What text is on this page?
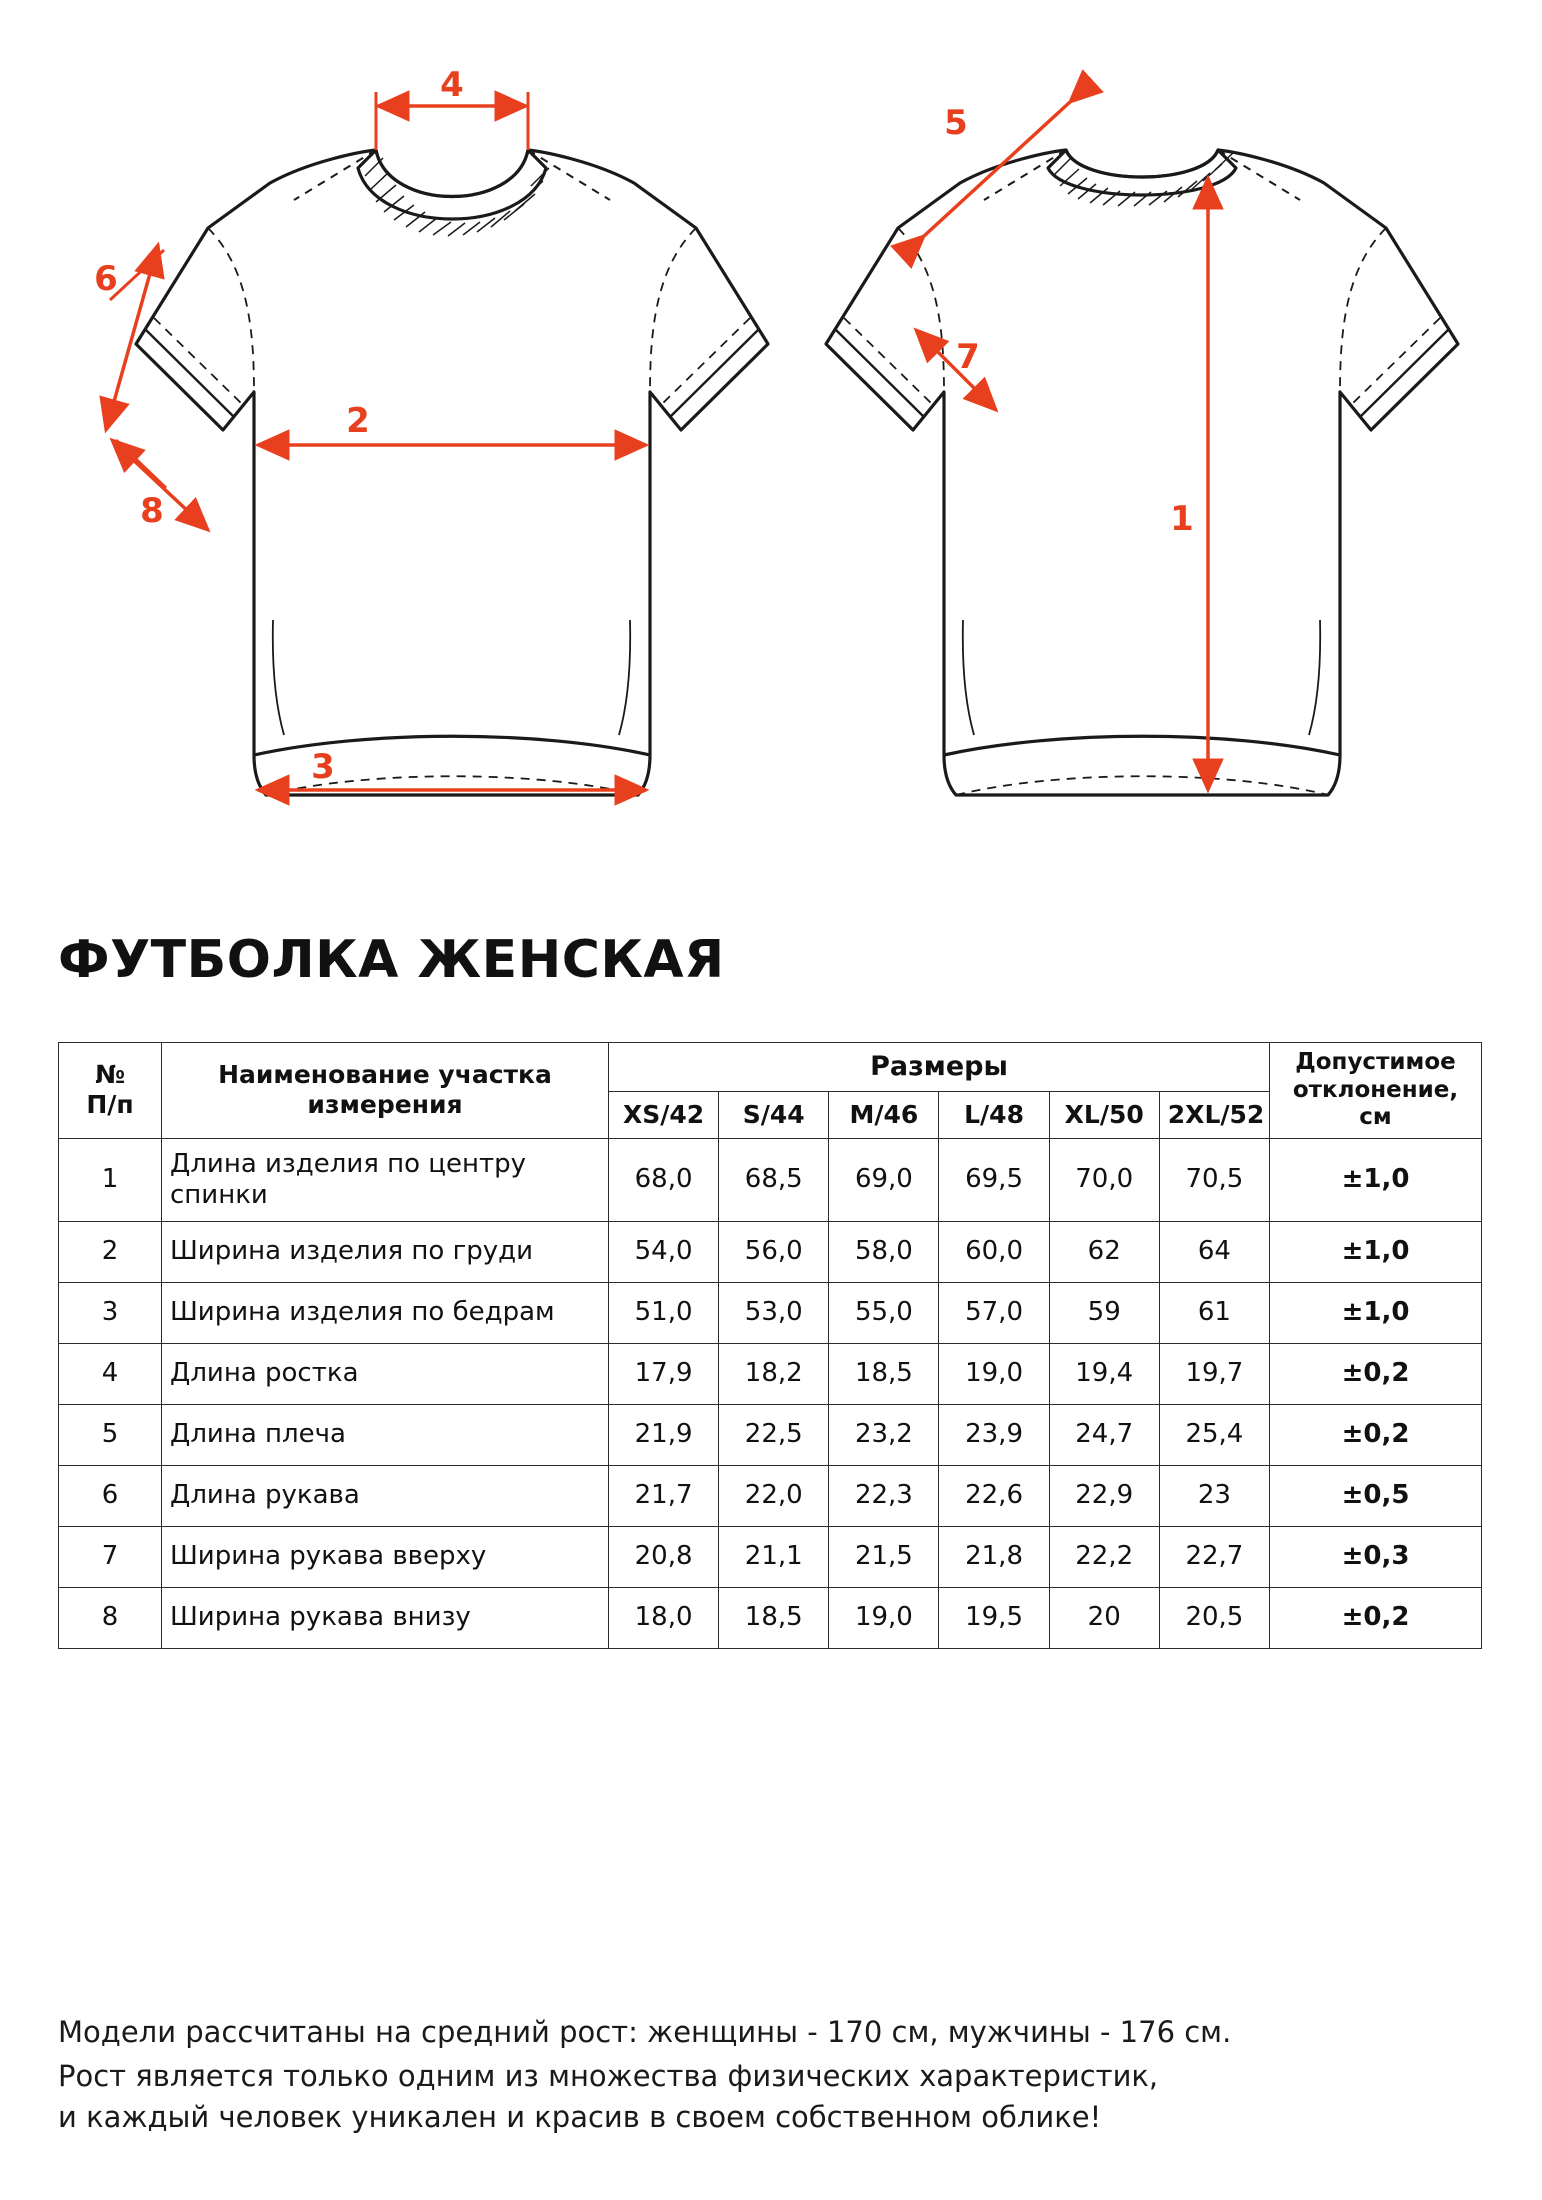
4
2
3
6
8
5
7
1
ФУТБОЛКА ЖЕНСКАЯ
№
П/п

Наименование участка
измерения
	Размеры	Допустимое
отклонение,
см

		XS/42	S/44	M/46	L/48	XL/50	2XL/52	
1	Длина изделия по центру спинки	68,0	68,5	69,0	69,5	70,0	70,5	±1,0
2	Ширина изделия по груди	54,0	56,0	58,0	60,0	62	64	±1,0
3	Ширина изделия по бедрам	51,0	53,0	55,0	57,0	59	61	±1,0
4	Длина ростка	17,9	18,2	18,5	19,0	19,4	19,7	±0,2
5	Длина плеча	21,9	22,5	23,2	23,9	24,7	25,4	±0,2
6	Длина рукава	21,7	22,0	22,3	22,6	22,9	23	±0,5
7	Ширина рукава вверху	20,8	21,1	21,5	21,8	22,2	22,7	±0,3
8	Ширина рукава внизу	18,0	18,5	19,0	19,5	20	20,5	±0,2
Модели рассчитаны на средний рост: женщины - 170 см, мужчины - 176 см.
Рост является только одним из множества физических характеристик,
и каждый человек уникален и красив в своем собственном облике!
